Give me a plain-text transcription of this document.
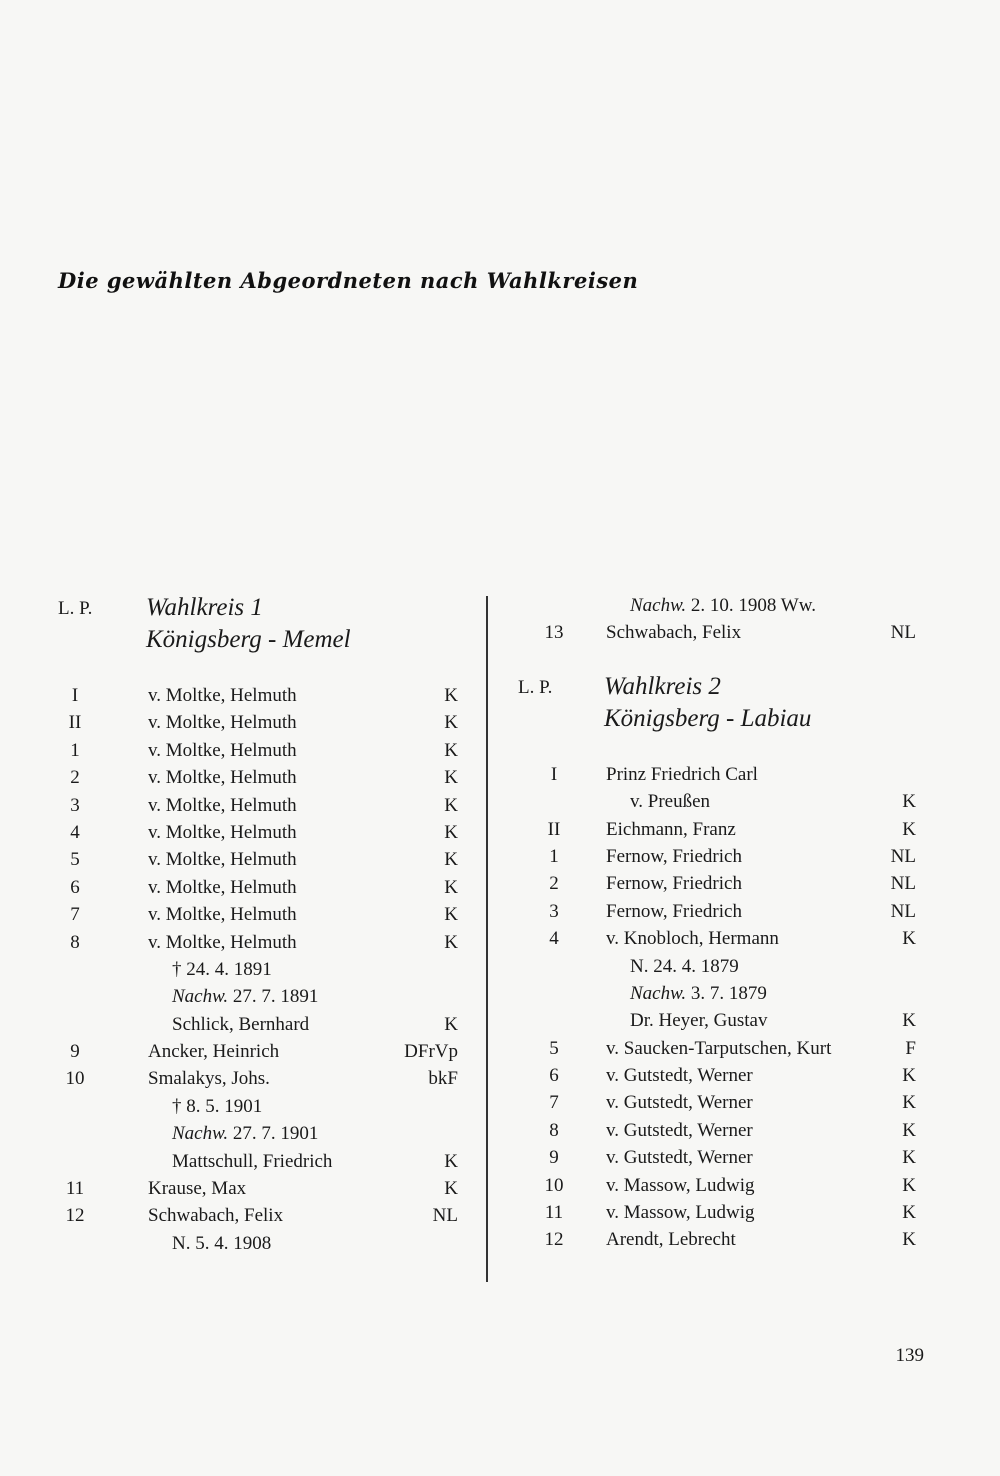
Die gewählten Abgeordneten nach Wahlkreisen
L. P. Wahlkreis 1
Königsberg - Memel
I	v. Moltke, Helmuth	K
II	v. Moltke, Helmuth	K
1	v. Moltke, Helmuth	K
2	v. Moltke, Helmuth	K
3	v. Moltke, Helmuth	K
4	v. Moltke, Helmuth	K
5	v. Moltke, Helmuth	K
6	v. Moltke, Helmuth	K
7	v. Moltke, Helmuth	K
8	v. Moltke, Helmuth	K
† 24. 4. 1891
Nachw. 27. 7. 1891
Schlick, Bernhard	K
9	Ancker, Heinrich	DFrVp
10	Smalakys, Johs.	bkF
† 8. 5. 1901
Nachw. 27. 7. 1901
Mattschull, Friedrich	K
11	Krause, Max	K
12	Schwabach, Felix	NL
N. 5. 4. 1908
Nachw. 2. 10. 1908 Ww.
13	Schwabach, Felix	NL
L. P. Wahlkreis 2
Königsberg - Labiau
I	Prinz Friedrich Carl
v. Preußen	K
II	Eichmann, Franz	K
1	Fernow, Friedrich	NL
2	Fernow, Friedrich	NL
3	Fernow, Friedrich	NL
4	v. Knobloch, Hermann	K
N. 24. 4. 1879
Nachw. 3. 7. 1879
Dr. Heyer, Gustav	K
5	v. Saucken-Tarputschen, Kurt	F
6	v. Gutstedt, Werner	K
7	v. Gutstedt, Werner	K
8	v. Gutstedt, Werner	K
9	v. Gutstedt, Werner	K
10	v. Massow, Ludwig	K
11	v. Massow, Ludwig	K
12	Arendt, Lebrecht	K
139
